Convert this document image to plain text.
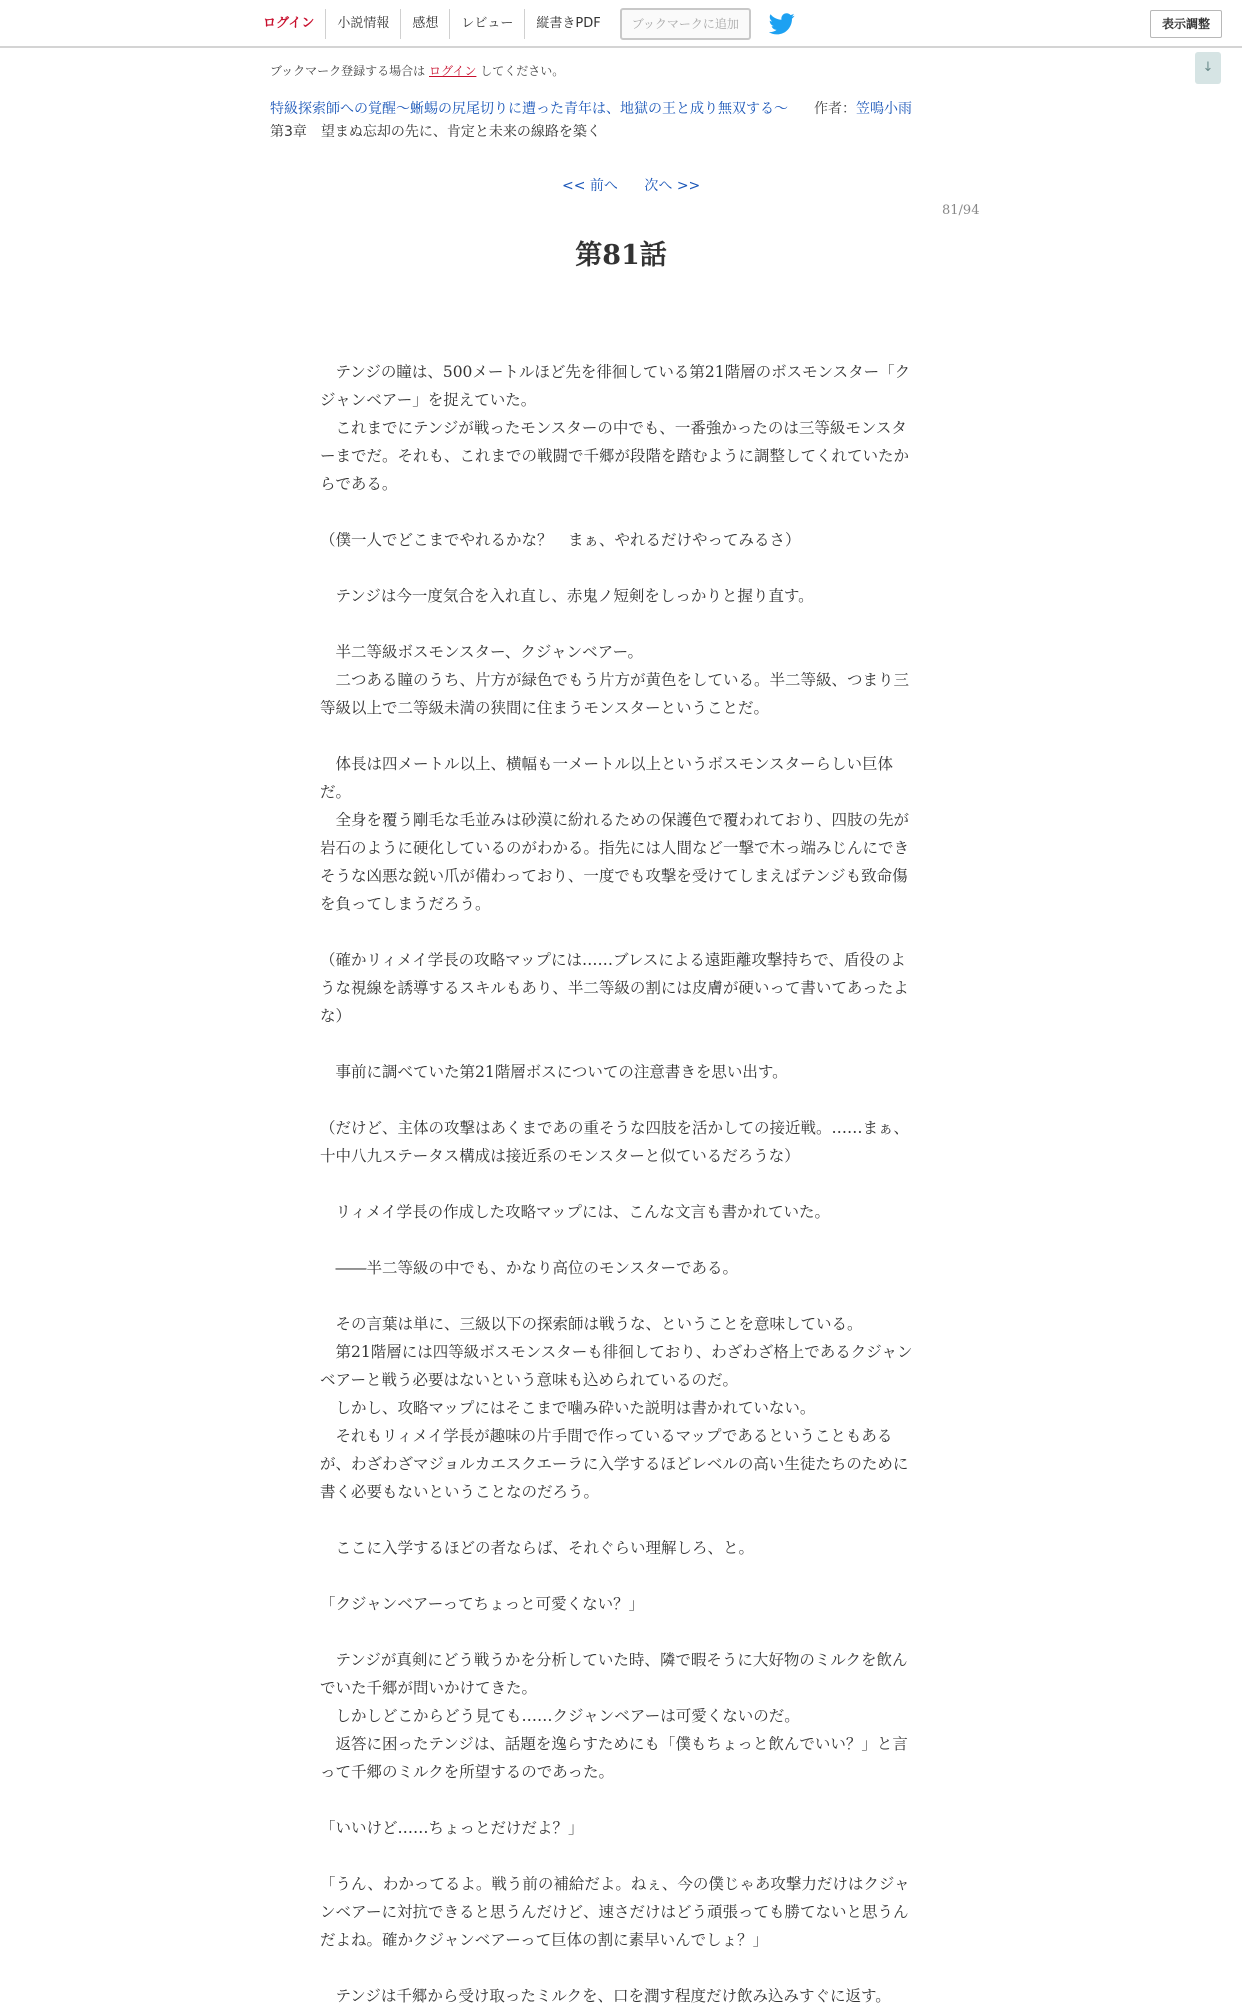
ログイン	小説情報	感想	レビュー	縦書きPDF	ブックマークに追加	表示調整
↓
ブックマーク登録する場合は ログイン してください。
特級探索師への覚醒～蜥蜴の尻尾切りに遭った青年は、地獄の王と成り無双する～ 作者：笠鳴小雨
第3章　望まぬ忘却の先に、肯定と未来の線路を築く
<< 前へ 次へ >>
81/94
第81話

　テンジの瞳は、500メートルほど先を徘徊している第21階層のボスモンスター「クジャンベアー」を捉えていた。

　これまでにテンジが戦ったモンスターの中でも、一番強かったのは三等級モンスターまでだ。それも、これまでの戦闘で千郷が段階を踏むように調整してくれていたからである。

（僕一人でどこまでやれるかな？　まぁ、やれるだけやってみるさ）

　テンジは今一度気合を入れ直し、赤鬼ノ短剣をしっかりと握り直す。

　半二等級ボスモンスター、クジャンベアー。

　二つある瞳のうち、片方が緑色でもう片方が黄色をしている。半二等級、つまり三等級以上で二等級未満の狭間に住まうモンスターということだ。

　体長は四メートル以上、横幅も一メートル以上というボスモンスターらしい巨体だ。

　全身を覆う剛毛な毛並みは砂漠に紛れるための保護色で覆われており、四肢の先が岩石のように硬化しているのがわかる。指先には人間など一撃で木っ端みじんにできそうな凶悪な鋭い爪が備わっており、一度でも攻撃を受けてしまえばテンジも致命傷を負ってしまうだろう。

（確かリィメイ学長の攻略マップには……ブレスによる遠距離攻撃持ちで、盾役のような視線を誘導するスキルもあり、半二等級の割には皮膚が硬いって書いてあったよな）

　事前に調べていた第21階層ボスについての注意書きを思い出す。

（だけど、主体の攻撃はあくまであの重そうな四肢を活かしての接近戦。……まぁ、十中八九ステータス構成は接近系のモンスターと似ているだろうな）

　リィメイ学長の作成した攻略マップには、こんな文言も書かれていた。

　――半二等級の中でも、かなり高位のモンスターである。

　その言葉は単に、三級以下の探索師は戦うな、ということを意味している。

　第21階層には四等級ボスモンスターも徘徊しており、わざわざ格上であるクジャンベアーと戦う必要はないという意味も込められているのだ。

　しかし、攻略マップにはそこまで噛み砕いた説明は書かれていない。

　それもリィメイ学長が趣味の片手間で作っているマップであるということもあるが、わざわざマジョルカエスクエーラに入学するほどレベルの高い生徒たちのために書く必要もないということなのだろう。

　ここに入学するほどの者ならば、それぐらい理解しろ、と。

「クジャンベアーってちょっと可愛くない？」

　テンジが真剣にどう戦うかを分析していた時、隣で暇そうに大好物のミルクを飲んでいた千郷が問いかけてきた。

　しかしどこからどう見ても……クジャンベアーは可愛くないのだ。

　返答に困ったテンジは、話題を逸らすためにも「僕もちょっと飲んでいい？」と言って千郷のミルクを所望するのであった。

「いいけど……ちょっとだけだよ？」

「うん、わかってるよ。戦う前の補給だよ。ねぇ、今の僕じゃあ攻撃力だけはクジャンベアーに対抗できると思うんだけど、速さだけはどう頑張っても勝てないと思うんだよね。確かクジャンベアーって巨体の割に素早いんでしょ？」

　テンジは千郷から受け取ったミルクを、口を潤す程度だけ飲み込みすぐに返す。
